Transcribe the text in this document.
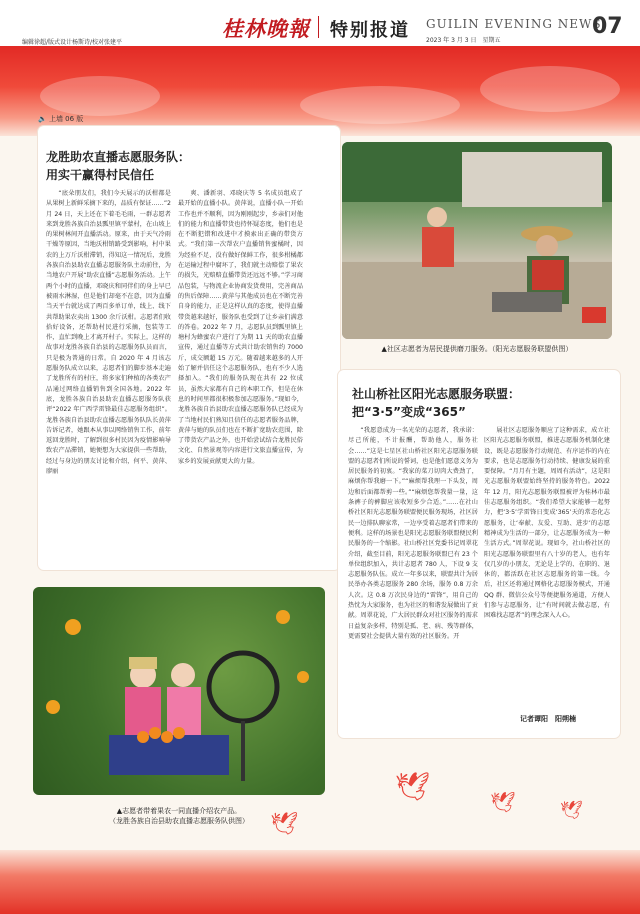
编辑徐超/版式设计杨斯诗/校对张建平
桂林晚報 特别报道 GUILIN EVENING NEWS
2023 年 3 月 3 日　星期五
07
🔈 上墙 06 版
龙胜助农直播志愿服务队：
用实干赢得村民信任
“底朵朋友们，我们今天展示的沃柑都是从果树上新鲜采摘下来的，品质有保证……”2 月 24 日，天上还在下着毛毛雨，一群志愿者来到龙胜各族自治县瓢里镇平蒙村，在山坡上的果树林间开直播活动。原来，由于天气冷雨干燥等原因，当地沃柑销路受到影响，村中果农的上万斤沃柑滞销，得知这一情况后，龙胜各族自治县助农直播志愿服务队主动前往，为当地农户开展“助农直播”志愿服务活动。上午两个小时的直播，邓晓庆和同伴们的身上早已被雨水淋湿，但是他们却毫不在意，因为直播当天平台就达成了两百多单订单，线上、线下共帮助果农卖出 1300 余斤沃柑。志愿者们收拾好设备，还帮助村民进行采摘，包装等工作，直忙到晚上才离开村子。实际上，这样的故事对龙胜各族自治县的志愿服务队员而言，只是极为普通的日常。自 2020 年 4 月该志愿服务队成立以来，志愿者们的脚步基本走遍了龙胜所有的村庄，将多家们种植的各类农产品通过网络直播销售到全国各地。2022 年底，龙胜各族自治县助农直播志愿服务队获评“2022 年广西学雷锋最佳志愿服务组织”。龙胜各族自治县助农直播志愿服务队队长黄萍告诉记者，她跟本从事以网络销售工作，前年返回龙胜时，了解到很多村民因为疫情影响导致农产品滞销，她便想为大家提供一些帮助，经过与身边的朋友讨论和介绍，何平、黄萍、廖丽
爽、潘新羽、邓晓庆等 5 名成员组成了最开始的直播小队。黄萍说，直播小队一开始工作也并不顺利，因为刚刚起步，乡亲们对他们的能力和直播带货也持怀疑态度，他们也是在不断犯错和改进中才摸索出正确的带货方式。“我们第一次帮农户直播销售蜜橘时，因为经验不足，没有做好保鲜工作，很多柑橘都在运输过程中腐坏了，我们就主动赔偿了果农的损失，光赔赔直播带货还远远不够。”学习商品包装，与物流企业协商发货费用，完善商品的售后保障……黄萍与其他成员也在不断完善自身的能力，正是这样认真的态度，使得直播带货越来越好，服务队也受到了让乡亲们满意的答卷。2022 年 7 月，志愿队员到瓢里镇上塘村为蜂蜜农户进行了为期 11 天的助农直播宣传，通过直播等方式共计助农销售约 7000 斤，成交额超 15 万元。随着越来越多的人开始了解并信任这个志愿服务队，也有不少人选择加入。“我们的服务队现在共有 22 位成员，虽然大家都有自己的本职工作，但是在休息的时间里都很积极参加志愿服务。”现如今，龙胜各族自治县助农直播志愿服务队已经成为了当地村民们熟知且信任的志愿者服务品牌，黄萍与她的队员们也在不断扩宽助农范围，除了带货农产品之外，也开始尝试结合龙胜民俗文化、自然景观等内容进行文旅直播宣传，为家乡的发展贡献更大的力量。
▲社区志愿者为居民提供磨刀服务。（阳光志愿服务联盟供图）
社山桥社区阳光志愿服务联盟：
把“3·5”变成“365”
“我愿意成为一名光荣的志愿者，我承诺：尽己所能，不计报酬，帮助他人，服务社会……”这是七星区社山桥社区阳光志愿服务联盟的志愿者们所说的誓词，也是他们愿意义务为居民服务的初衷。“我家的菜刀切肉大费劲了，麻烦你帮我磨一下。”“麻烦帮我理一下头发，周边和后面都帮剪一些。”“麻烦您帮我量一量，这条裤子的裤脚应该收短多少合适。”……在社山桥社区阳光志愿服务联盟便民服务现场，社区居民一边排队聊家常，一边享受着志愿者们带来的便利。这样的场景也是阳光志愿服务联盟便民利民服务的一个缩影。社山桥社区党委书记周翠花介绍，截至目前，阳光志愿服务联盟已有 23 个单位组织加入，共计志愿者 780 人，下设 9 支志愿服务队伍。成立一年多以来，联盟共计为居民举办各类志愿服务 280 余场，服务 0.8 万余人次。这 0.8 万次民身边的“雷锋”，用自己的热忱为大家服务，也为社区的和谐发展做出了贡献。周翠花说，广大居民群众对社区服务的需求日益复杂多样，特别是孤、老、病、残等群体，更需要社会提供大量有效的社区服务。开
展社区志愿服务顺应了这种需求，成立社区阳光志愿服务联盟，推进志愿服务机制化建设，既是志愿服务行动规范、有序运作的内在要求，也是志愿服务行动持续、健康发展的重要保障。“月月有主题，周周有活动”，这是阳光志愿服务联盟始终坚持的服务特色。2022 年 12 月，阳光志愿服务联盟被评为桂林市最佳志愿服务组织。“我们希望大家能够一起努力，把‘3·5’学雷锋日变成‘365’天的常态化志愿服务，让‘奉献、友爱、互助、进步’的志愿精神成为生活的一部分，让志愿服务成为一种生活方式。”周翠花说。现如今，社山桥社区的阳光志愿服务联盟里有八十岁的老人，也有年仅几岁的小朋友，无论是上学的、在职的、退休的，都活跃在社区志愿服务的第一线。今后，社区还将通过网格化志愿服务模式，开通 QQ 群、微信公众号等便捷服务通道，方便人们参与志愿服务，让“有时间就去做志愿，有困难找志愿者”的理念深入人心。
记者谭阳　阳朔楠
▲志愿者带着果农一同直播介绍农产品。
（龙胜各族自治县助农直播志愿服务队供图）
🕊	🕊
🕊
🕊
